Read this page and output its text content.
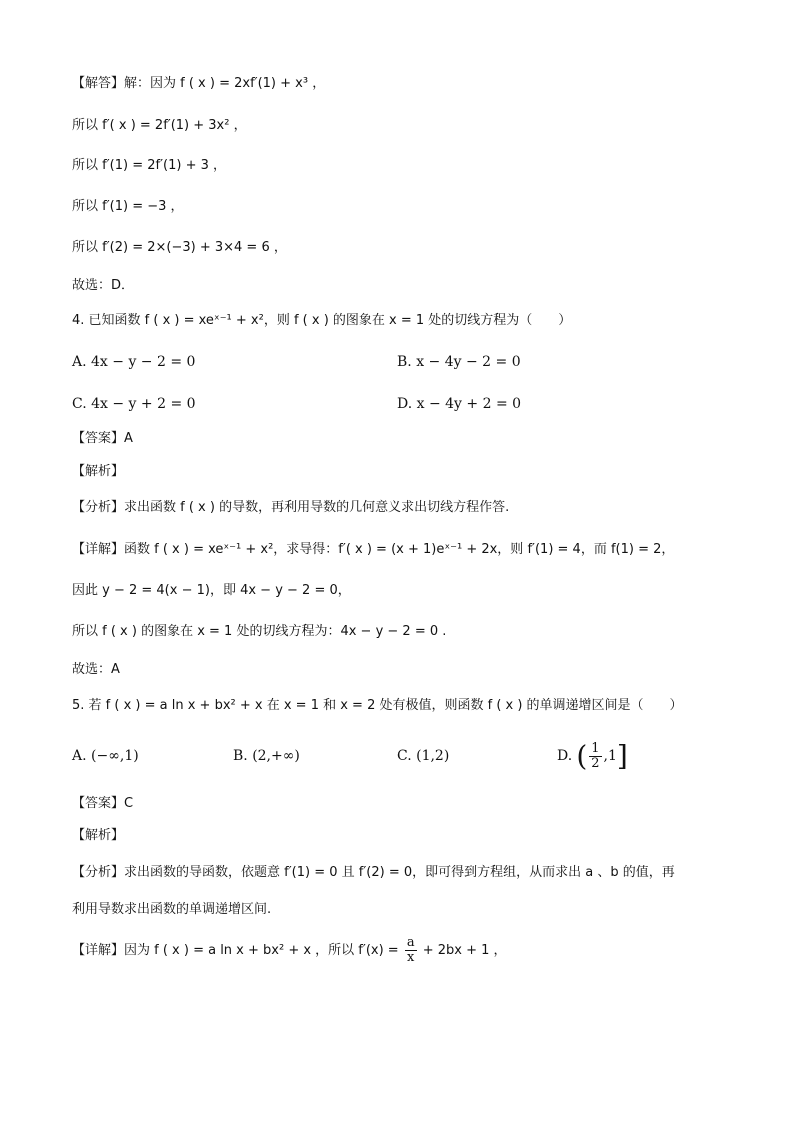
【解答】解：因为 f ( x ) = 2xf′(1) + x³ ，
所以 f′( x ) = 2f′(1) + 3x² ，
所以 f′(1) = 2f′(1) + 3 ，
所以 f′(1) = −3 ，
所以 f′(2) = 2×(−3) + 3×4 = 6 ，
故选：D．
4. 已知函数 f ( x ) = xeˣ⁻¹ + x²，则 f ( x ) 的图象在 x = 1 处的切线方程为（　　）
A. 4x − y − 2 = 0	B. x − 4y − 2 = 0
C. 4x − y + 2 = 0	D. x − 4y + 2 = 0
【答案】A
【解析】
【分析】求出函数 f ( x ) 的导数，再利用导数的几何意义求出切线方程作答.
【详解】函数 f ( x ) = xeˣ⁻¹ + x²，求导得：f′( x ) = (x + 1)eˣ⁻¹ + 2x，则 f′(1) = 4，而 f(1) = 2，
因此 y − 2 = 4(x − 1)，即 4x − y − 2 = 0，
所以 f ( x ) 的图象在 x = 1 处的切线方程为：4x − y − 2 = 0 .
故选：A
5. 若 f ( x ) = a ln x + bx² + x 在 x = 1 和 x = 2 处有极值，则函数 f ( x ) 的单调递增区间是（　　）
A. (−∞,1)	B. (2,+∞)	C. (1,2)	D. ( $\frac{1}{2} ,1$]
【答案】C
【解析】
【分析】求出函数的导函数，依题意 f′(1) = 0 且 f′(2) = 0，即可得到方程组，从而求出 a 、b 的值，再
利用导数求出函数的单调递增区间.
【详解】因为 f ( x ) = a ln x + bx² + x ，所以 $f'(x) = \frac{a}{x} + 2bx + 1$ ，
